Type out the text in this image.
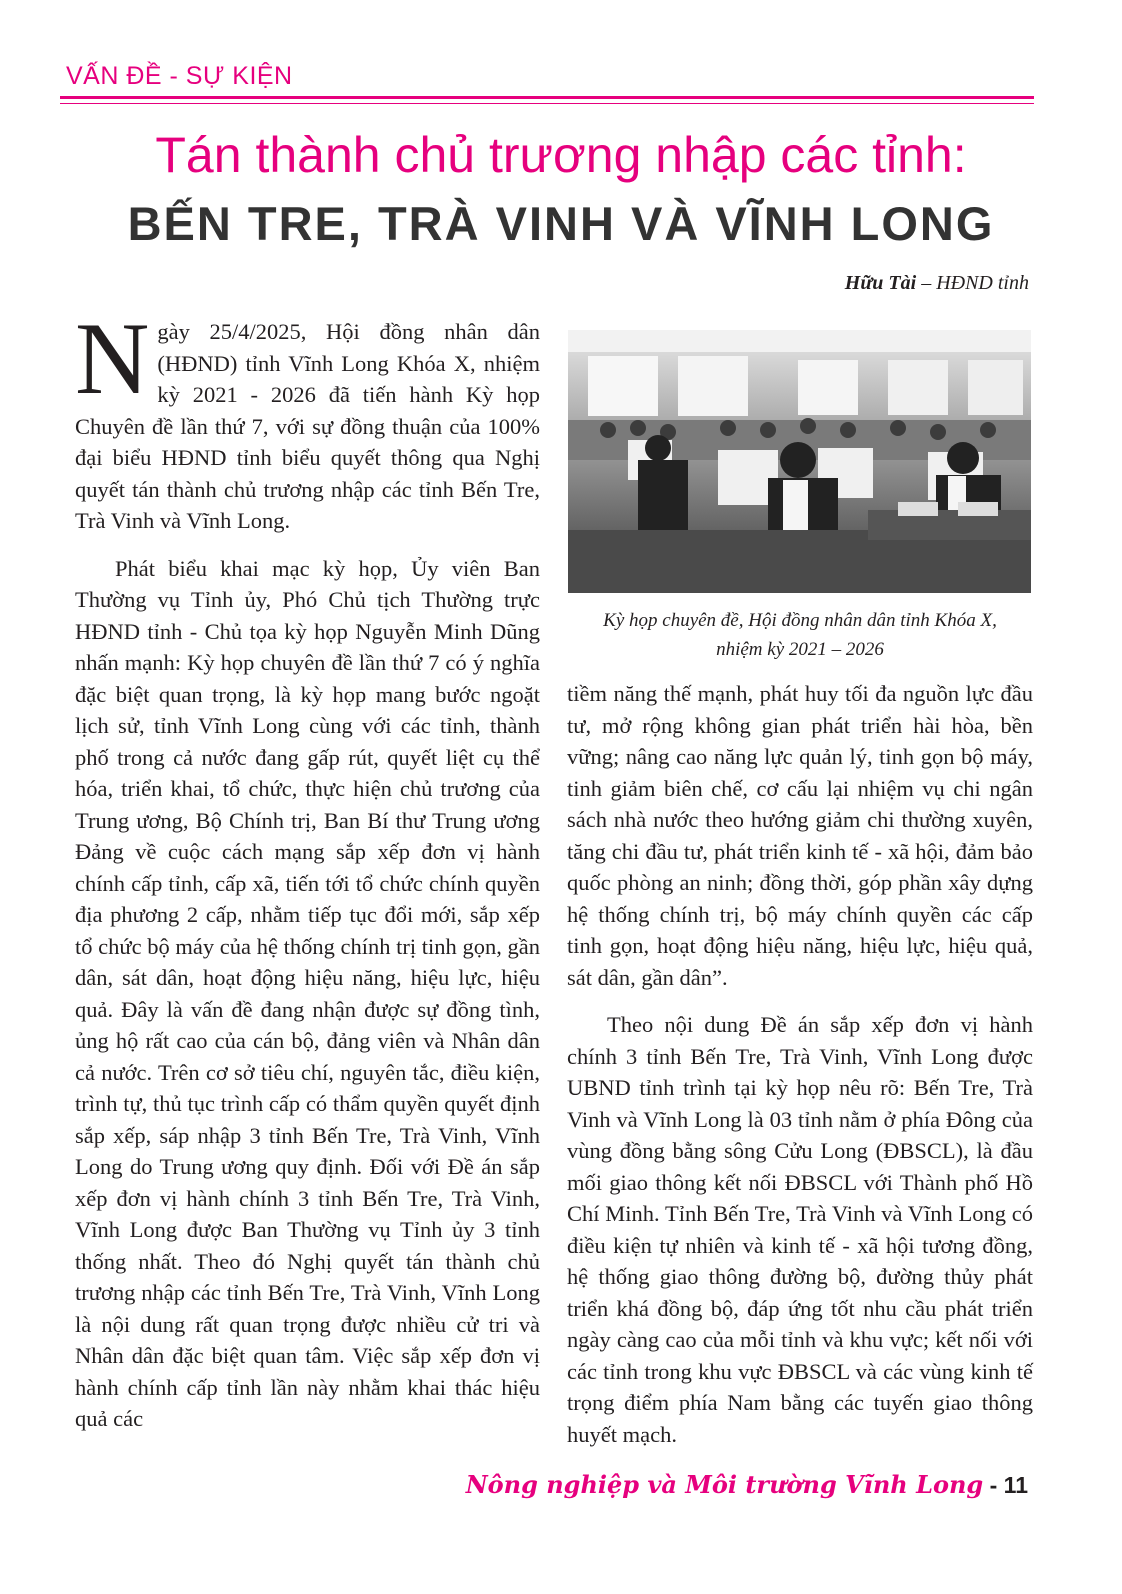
VẤN ĐỀ - SỰ KIỆN
Tán thành chủ trương nhập các tỉnh:
BẾN TRE, TRÀ VINH VÀ VĨNH LONG
Hữu Tài – HĐND tỉnh

Ngày 25/4/2025, Hội đồng nhân dân (HĐND) tỉnh Vĩnh Long Khóa X, nhiệm kỳ 2021 - 2026 đã tiến hành Kỳ họp Chuyên đề lần thứ 7, với sự đồng thuận của 100% đại biểu HĐND tỉnh biểu quyết thông qua Nghị quyết tán thành chủ trương nhập các tỉnh Bến Tre, Trà Vinh và Vĩnh Long.

Phát biểu khai mạc kỳ họp, Ủy viên Ban Thường vụ Tỉnh ủy, Phó Chủ tịch Thường trực HĐND tỉnh - Chủ tọa kỳ họp Nguyễn Minh Dũng nhấn mạnh: Kỳ họp chuyên đề lần thứ 7 có ý nghĩa đặc biệt quan trọng, là kỳ họp mang bước ngoặt lịch sử, tỉnh Vĩnh Long cùng với các tỉnh, thành phố trong cả nước đang gấp rút, quyết liệt cụ thể hóa, triển khai, tổ chức, thực hiện chủ trương của Trung ương, Bộ Chính trị, Ban Bí thư Trung ương Đảng về cuộc cách mạng sắp xếp đơn vị hành chính cấp tỉnh, cấp xã, tiến tới tổ chức chính quyền địa phương 2 cấp, nhằm tiếp tục đổi mới, sắp xếp tổ chức bộ máy của hệ thống chính trị tinh gọn, gần dân, sát dân, hoạt động hiệu năng, hiệu lực, hiệu quả. Đây là vấn đề đang nhận được sự đồng tình, ủng hộ rất cao của cán bộ, đảng viên và Nhân dân cả nước. Trên cơ sở tiêu chí, nguyên tắc, điều kiện, trình tự, thủ tục trình cấp có thẩm quyền quyết định sắp xếp, sáp nhập 3 tỉnh Bến Tre, Trà Vinh, Vĩnh Long do Trung ương quy định. Đối với Đề án sắp xếp đơn vị hành chính 3 tỉnh Bến Tre, Trà Vinh, Vĩnh Long được Ban Thường vụ Tỉnh ủy 3 tỉnh thống nhất. Theo đó Nghị quyết tán thành chủ trương nhập các tỉnh Bến Tre, Trà Vinh, Vĩnh Long là nội dung rất quan trọng được nhiều cử tri và Nhân dân đặc biệt quan tâm. Việc sắp xếp đơn vị hành chính cấp tỉnh lần này nhằm khai thác hiệu quả các

Kỳ họp chuyên đề, Hội đồng nhân dân tỉnh Khóa X,
nhiệm kỳ 2021 – 2026

tiềm năng thế mạnh, phát huy tối đa nguồn lực đầu tư, mở rộng không gian phát triển hài hòa, bền vững; nâng cao năng lực quản lý, tinh gọn bộ máy, tinh giảm biên chế, cơ cấu lại nhiệm vụ chi ngân sách nhà nước theo hướng giảm chi thường xuyên, tăng chi đầu tư, phát triển kinh tế - xã hội, đảm bảo quốc phòng an ninh; đồng thời, góp phần xây dựng hệ thống chính trị, bộ máy chính quyền các cấp tinh gọn, hoạt động hiệu năng, hiệu lực, hiệu quả, sát dân, gần dân”.

Theo nội dung Đề án sắp xếp đơn vị hành chính 3 tỉnh Bến Tre, Trà Vinh, Vĩnh Long được UBND tỉnh trình tại kỳ họp nêu rõ: Bến Tre, Trà Vinh và Vĩnh Long là 03 tỉnh nằm ở phía Đông của vùng đồng bằng sông Cửu Long (ĐBSCL), là đầu mối giao thông kết nối ĐBSCL với Thành phố Hồ Chí Minh. Tỉnh Bến Tre, Trà Vinh và Vĩnh Long có điều kiện tự nhiên và kinh tế - xã hội tương đồng, hệ thống giao thông đường bộ, đường thủy phát triển khá đồng bộ, đáp ứng tốt nhu cầu phát triển ngày càng cao của mỗi tỉnh và khu vực; kết nối với các tỉnh trong khu vực ĐBSCL và các vùng kinh tế trọng điểm phía Nam bằng các tuyến giao thông huyết mạch.

Nông nghiệp và Môi trường Vĩnh Long - 11
